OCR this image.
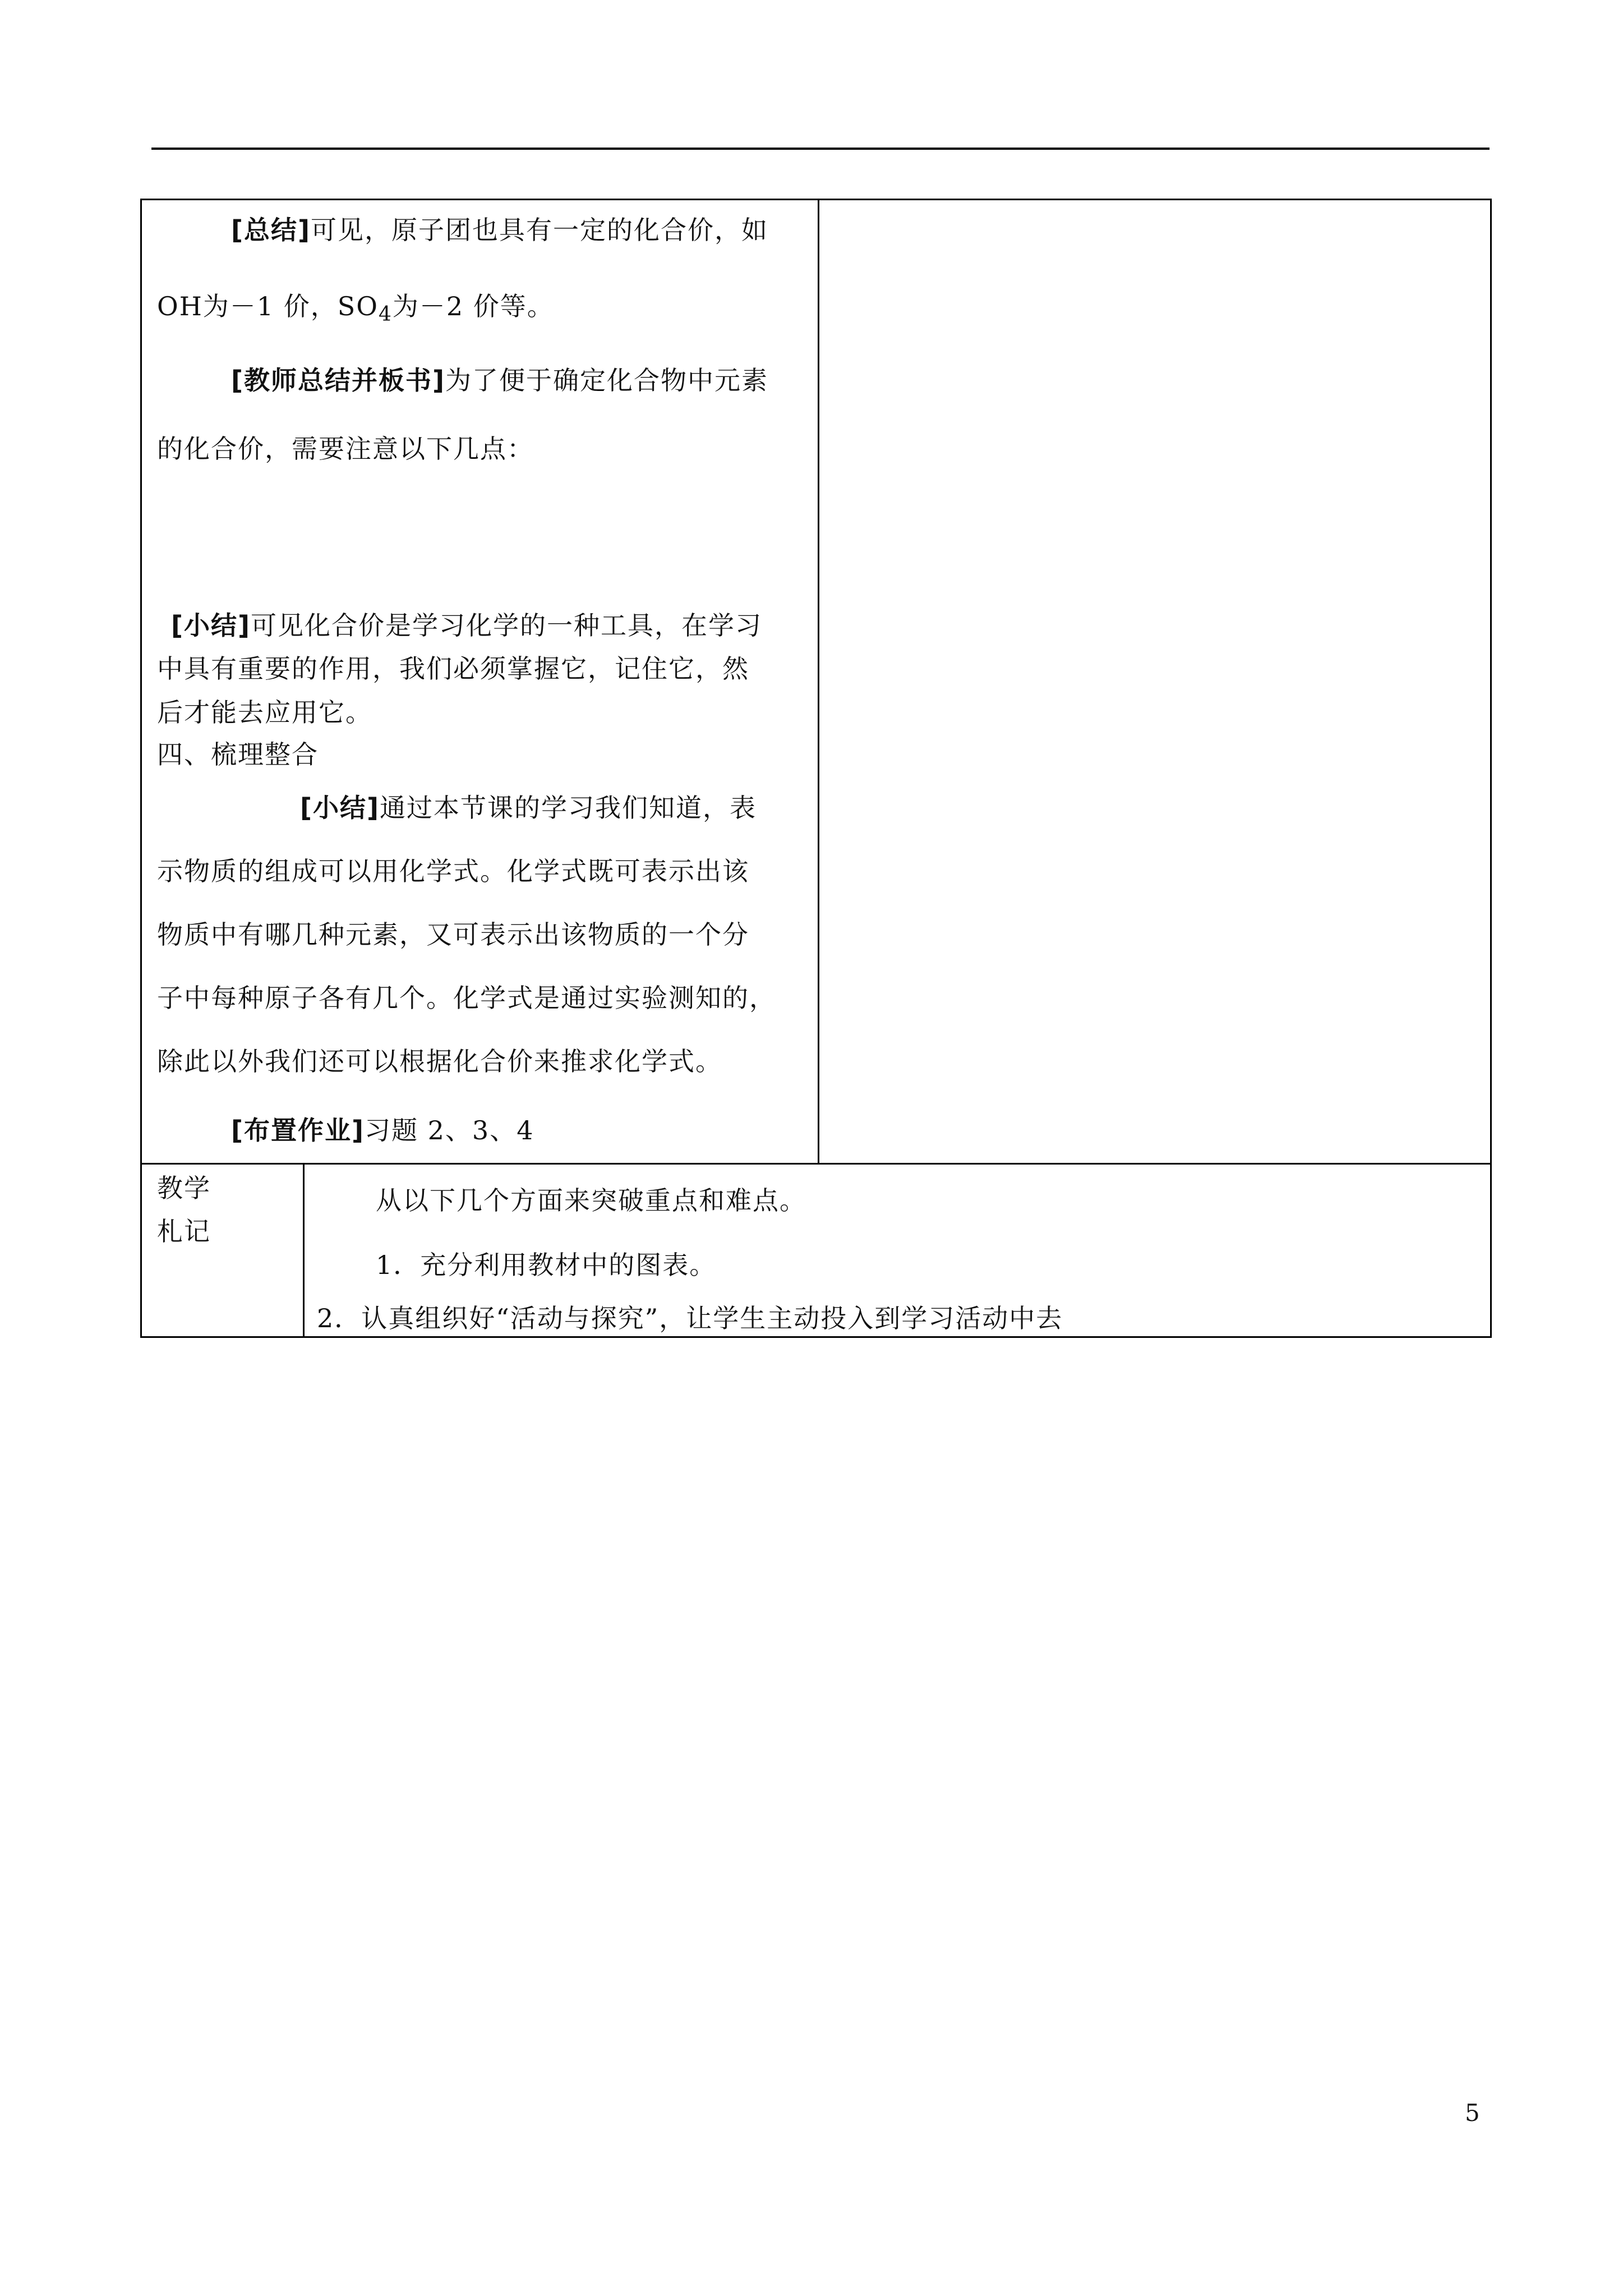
[总结]可见，原子团也具有一定的化合价，如
OH为－1 价，$SO_4$为－2 价等。
[教师总结并板书]为了便于确定化合物中元素
的化合价，需要注意以下几点：
[小结]可见化合价是学习化学的一种工具，在学习
中具有重要的作用，我们必须掌握它，记住它，然
后才能去应用它。
四、梳理整合
[小结]通过本节课的学习我们知道，表
示物质的组成可以用化学式。化学式既可表示出该
物质中有哪几种元素，又可表示出该物质的一个分
子中每种原子各有几个。化学式是通过实验测知的，
除此以外我们还可以根据化合价来推求化学式。
[布置作业]习题 2、3、4
教学
札记
从以下几个方面来突破重点和难点。
1．充分利用教材中的图表。
2．认真组织好“活动与探究”，让学生主动投入到学习活动中去
5
